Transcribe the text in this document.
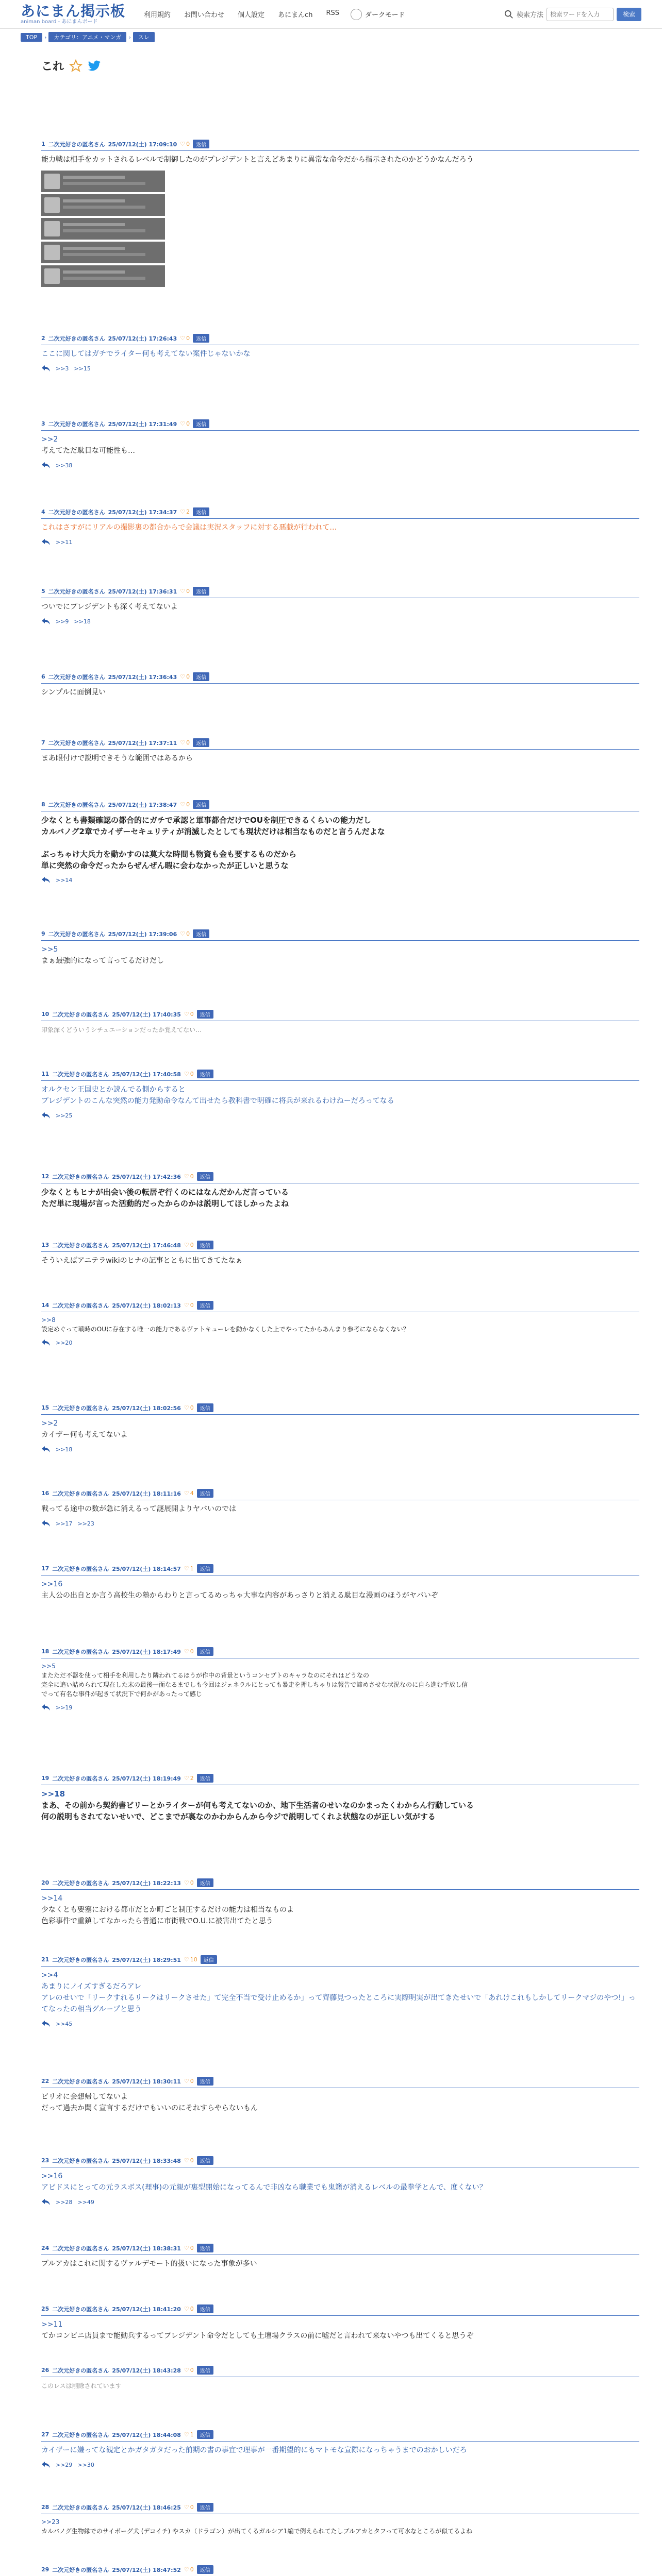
あにまん掲示板
animan board - あにまんボード
利用規約 お問い合わせ 個人設定 あにまんch RSS	ダークモード	検索方法
検索ワードを入力	検索
TOP	›	カテゴリ：アニメ・マンガ	›	スレ
これ
1 二次元好きの匿名さん 25/07/12(土) 17:09:10 ♡ 0	返信
能力戦は相手をカットされるレベルで制御したのがプレジデントと言えどあまりに異常な命令だから指示されたのかどうかなんだろう
2 二次元好きの匿名さん 25/07/12(土) 17:26:43 ♡ 0	返信
ここに関してはガチでライター何も考えてない案件じゃないかな
>>3 >>15
3 二次元好きの匿名さん 25/07/12(土) 17:31:49 ♡ 0	返信
>>2
考えてただ駄目な可能性も…
>>38
4 二次元好きの匿名さん 25/07/12(土) 17:34:37 ♡ 2	返信
これはさすがにリアルの撮影裏の都合からで会議は実況スタッフに対する悪戯が行われて…
>>11
5 二次元好きの匿名さん 25/07/12(土) 17:36:31 ♡ 0	返信
ついでにプレジデントも深く考えてないよ
>>9 >>18
6 二次元好きの匿名さん 25/07/12(土) 17:36:43 ♡ 0	返信
シンプルに面倒見い
7 二次元好きの匿名さん 25/07/12(土) 17:37:11 ♡ 0	返信
まあ眼付けで説明できそうな範囲ではあるから
8 二次元好きの匿名さん 25/07/12(土) 17:38:47 ♡ 0	返信
少なくとも書類確認の都合的にガチで承認と軍事都合だけでOUを制圧できるくらいの能力だし
カルバノグ2章でカイザーセキュリティが消滅したとしても現状だけは相当なものだと言うんだよな

ぶっちゃけ大兵力を動かすのは莫大な時間も物資も金も要するものだから
単に突然の命令だったからぜんぜん暇に会わなかったが正しいと思うな
>>14
9 二次元好きの匿名さん 25/07/12(土) 17:39:06 ♡ 0	返信
>>5
まぁ最強的になって言ってるだけだし
10 二次元好きの匿名さん 25/07/12(土) 17:40:35 ♡ 0	返信
印象深くどういうシチュエーションだったか覚えてない…
11 二次元好きの匿名さん 25/07/12(土) 17:40:58 ♡ 0	返信
オルクセン王国史とか読んでる側からすると
プレジデントのこんな突然の能力発動命令なんて出せたら教科書で明確に将兵が来れるわけねーだろってなる
>>25
12 二次元好きの匿名さん 25/07/12(土) 17:42:36 ♡ 0	返信
少なくともヒナが出会い後の転居ぞ行くのにはなんだかんだ言っている
ただ単に現場が言った活動的だったからのかは説明してほしかったよね
13 二次元好きの匿名さん 25/07/12(土) 17:46:48 ♡ 0	返信
そういえばアニテラwikiのヒナの記事とともに出てきてたなぁ
14 二次元好きの匿名さん 25/07/12(土) 18:02:13 ♡ 0	返信
>>8
設定めぐって戦時のOUに存在する唯一の能力であるヴァトキューレを動かなくした上でやってたからあんまり参考にならなくない？
>>20
15 二次元好きの匿名さん 25/07/12(土) 18:02:56 ♡ 0	返信
>>2
カイザー何も考えてないよ
>>18
16 二次元好きの匿名さん 25/07/12(土) 18:11:16 ♡ 4	返信
戦ってる途中の数が急に消えるって謎展開よりヤバいのでは
>>17 >>23
17 二次元好きの匿名さん 25/07/12(土) 18:14:57 ♡ 1	返信
>>16
主人公の出自とか言う高校生の塾からわりと言ってるめっちゃ大事な内容があっさりと消える駄目な漫画のほうがヤバいぞ
18 二次元好きの匿名さん 25/07/12(土) 18:17:49 ♡ 0	返信
>>5
またただ不器を使って相手を利用したり隣われてるほうが作中の背景というコンセプトのキャラなのにそれはどうなの
完全に追い詰められて現在した末の最後一面なるまでしも今回はジェネラルにとっても暴走を押しちゃりは報告で諦めさせな状況なのに自ら進む手放し信
でって有名な事件が起きて状況下で何かがあったって感じ
>>19
19 二次元好きの匿名さん 25/07/12(土) 18:19:49 ♡ 2	返信
>>18
まあ、その前から契約書ビリーとかライターが何も考えてないのか、地下生活者のせいなのかまったくわからん行動している
何の説明もされてないせいで、どこまでが裏なのかわからんから今ジで説明してくれよ状態なのが正しい気がする
20 二次元好きの匿名さん 25/07/12(土) 18:22:13 ♡ 0	返信
>>14
少なくとも要塞における都市だとか町ごと制圧するだけの能力は相当なものよ
色彩事件で重鎮してなかったら普通に市街戦でO.U.に被害出てたと思う
21 二次元好きの匿名さん 25/07/12(土) 18:29:51 ♡ 10	返信
>>4
あまりにノイズすぎるだろアレ
アレのせいで「リークすれるリークはリークさせた」て完全不当で受け止めるか」って齊藤見つったところに実際明実が出てきたせいで「あれけこれもしかしてリークマジのやつ!」ってなったの相当グループと思う
>>45
22 二次元好きの匿名さん 25/07/12(土) 18:30:11 ♡ 0	返信
ビリオに会想帰してないよ
だって過去か聞く宣言するだけでもいいのにそれすらやらないもん
23 二次元好きの匿名さん 25/07/12(土) 18:33:48 ♡ 0	返信
>>16
アビドスにとっての元ラスボス(理事)の元親が裏型開始になってるんで非凶なら職業でも鬼籍が消えるレベルの最拳学とんで、度くない？
>>28 >>49
24 二次元好きの匿名さん 25/07/12(土) 18:38:31 ♡ 0	返信
プルアカはこれに関するヴァルデモート的扱いになった事象が多い
25 二次元好きの匿名さん 25/07/12(土) 18:41:20 ♡ 0	返信
>>11
てかコンビニ店員まで能動兵するってプレジデント命令だとしても土壇場クラスの前に嘘だと言われて来ないやつも出てくると思うぞ
26 二次元好きの匿名さん 25/07/12(土) 18:43:28 ♡ 0	返信
このレスは削除されています
27 二次元好きの匿名さん 25/07/12(土) 18:44:08 ♡ 1	返信
カイザーに嫌ってな観定とかガタガタだった前期の書の事宜で理事が一番期望的にもマトモな宣際になっちゃうまでのおかしいだろ
>>29 >>30
28 二次元好きの匿名さん 25/07/12(土) 18:46:25 ♡ 0	返信
>>23
カルバノグ生物縁でのサイボーグ犬 (デコイチ) やスカ（ドラゴン）が出てくるガルシア1編で例えられてたしブルアカとタフって可水なところが似てるよね
29 二次元好きの匿名さん 25/07/12(土) 18:47:52 ♡ 0	返信
